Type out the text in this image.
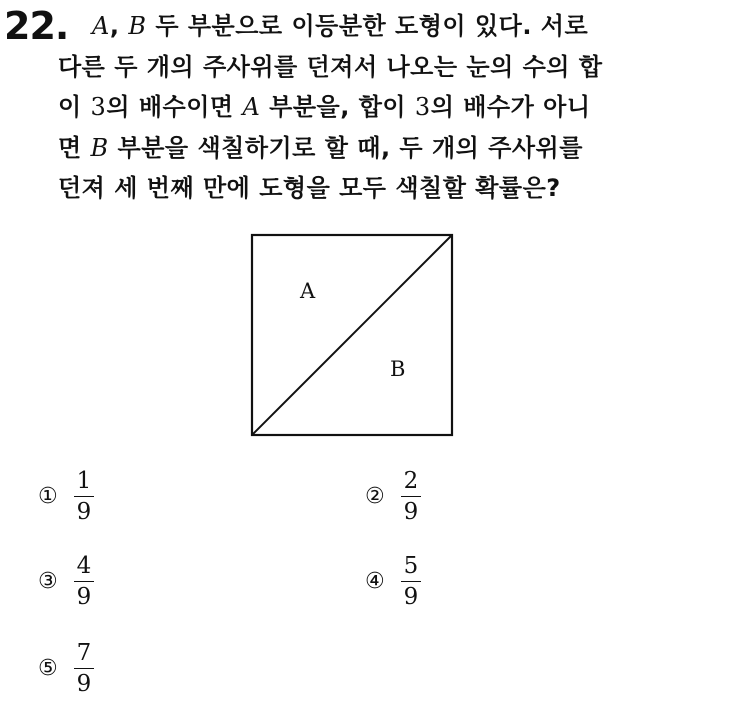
22. A, B 두 부분으로 이등분한 도형이 있다. 서로
다른 두 개의 주사위를 던져서 나오는 눈의 수의 합
이 3의 배수이면 A 부분을, 합이 3의 배수가 아니
면 B 부분을 색칠하기로 할 때, 두 개의 주사위를
던져 세 번째 만에 도형을 모두 색칠할 확률은?
A
B
① $\frac{1}{9}$	② $\frac{2}{9}$
③ $\frac{4}{9}$	④ $\frac{5}{9}$
⑤ $\frac{7}{9}$
